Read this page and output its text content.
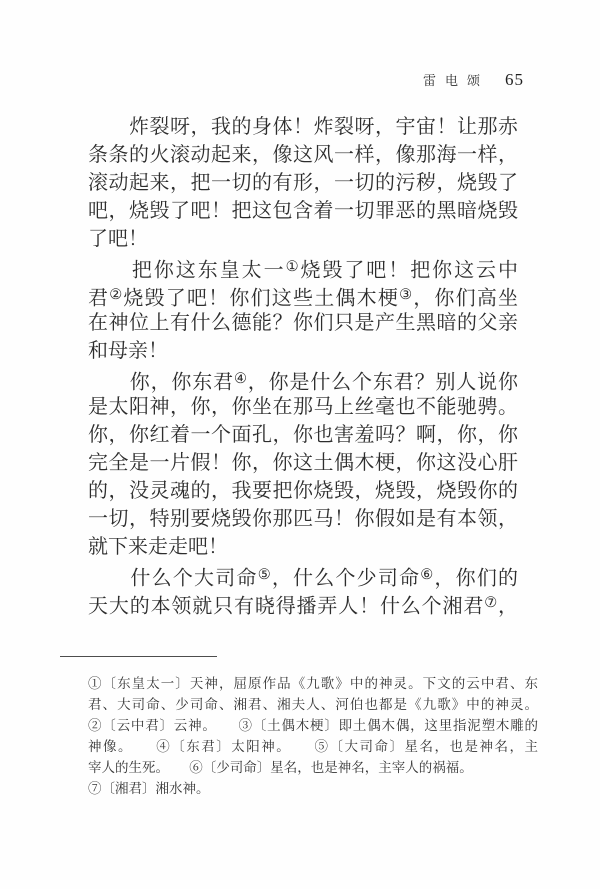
雷电颂 65
　　炸裂呀，我的身体！炸裂呀，宇宙！让那赤
条条的火滚动起来，像这风一样，像那海一样，
滚动起来，把一切的有形，一切的污秽，烧毁了
吧，烧毁了吧！把这包含着一切罪恶的黑暗烧毁
了吧！
　　把你这东皇太一①烧毁了吧！把你这云中
君②烧毁了吧！你们这些土偶木梗③，你们高坐
在神位上有什么德能？你们只是产生黑暗的父亲
和母亲！
　　你，你东君④，你是什么个东君？别人说你
是太阳神，你，你坐在那马上丝毫也不能驰骋。
你，你红着一个面孔，你也害羞吗？啊，你，你
完全是一片假！你，你这土偶木梗，你这没心肝
的，没灵魂的，我要把你烧毁，烧毁，烧毁你的
一切，特别要烧毁你那匹马！你假如是有本领，
就下来走走吧！
　　什么个大司命⑤，什么个少司命⑥，你们的
天大的本领就只有晓得播弄人！什么个湘君⑦，
①〔东皇太一〕天神，屈原作品《九歌》中的神灵。下文的云中君、东
君、大司命、少司命、湘君、湘夫人、河伯也都是《九歌》中的神灵。
②〔云中君〕云神。　　③〔土偶木梗〕即土偶木偶，这里指泥塑木雕的
神像。　　④〔东君〕太阳神。　　⑤〔大司命〕星名，也是神名，主
宰人的生死。　　⑥〔少司命〕星名，也是神名，主宰人的祸福。
⑦〔湘君〕湘水神。
